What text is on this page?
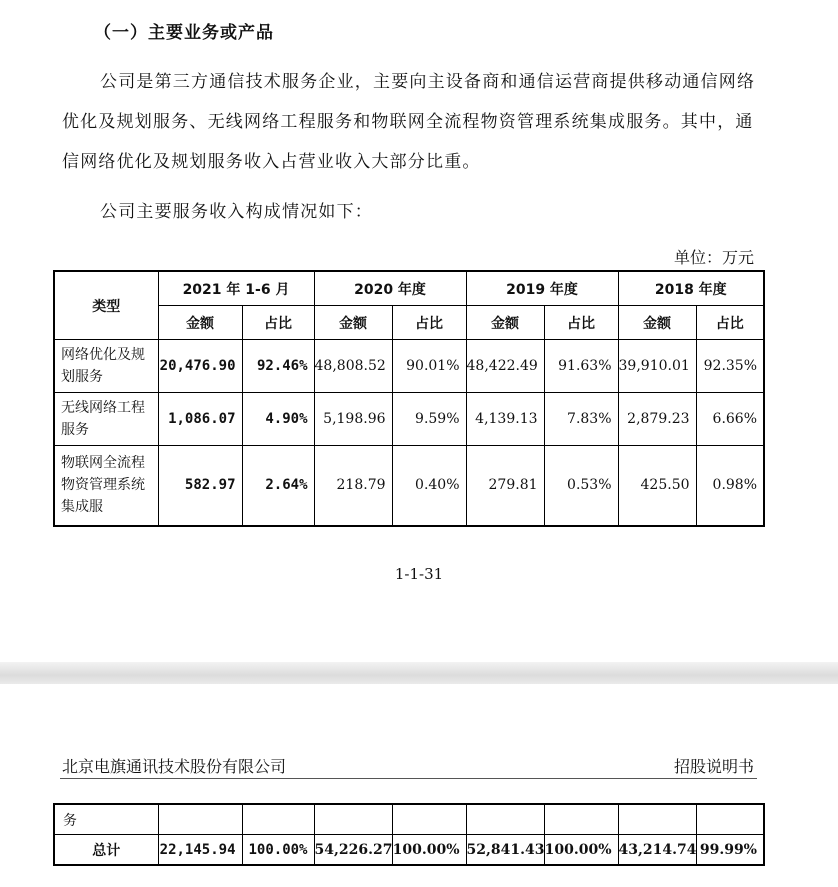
（一）主要业务或产品
公司是第三方通信技术服务企业，主要向主设备商和通信运营商提供移动通信网络优化及规划服务、无线网络工程服务和物联网全流程物资管理系统集成服务。其中，通信网络优化及规划服务收入占营业收入大部分比重。
公司主要服务收入构成情况如下：
单位：万元
类型	2021 年 1-6 月		2020 年度		2019 年度		2018 年度	
	金额	占比	金额	占比	金额	占比	金额	占比
网络优化及规划服务	20,476.90	92.46%	48,808.52	90.01%	48,422.49	91.63%	39,910.01	92.35%
无线网络工程服务	1,086.07	4.90%	5,198.96	9.59%	4,139.13	7.83%	2,879.23	6.66%
物联网全流程物资管理系统集成服	582.97	2.64%	218.79	0.40%	279.81	0.53%	425.50	0.98%
1-1-31
北京电旗通讯技术股份有限公司	招股说明书
务								
总计	22,145.94	100.00%	54,226.27	100.00%	52,841.43	100.00%	43,214.74	99.99%
